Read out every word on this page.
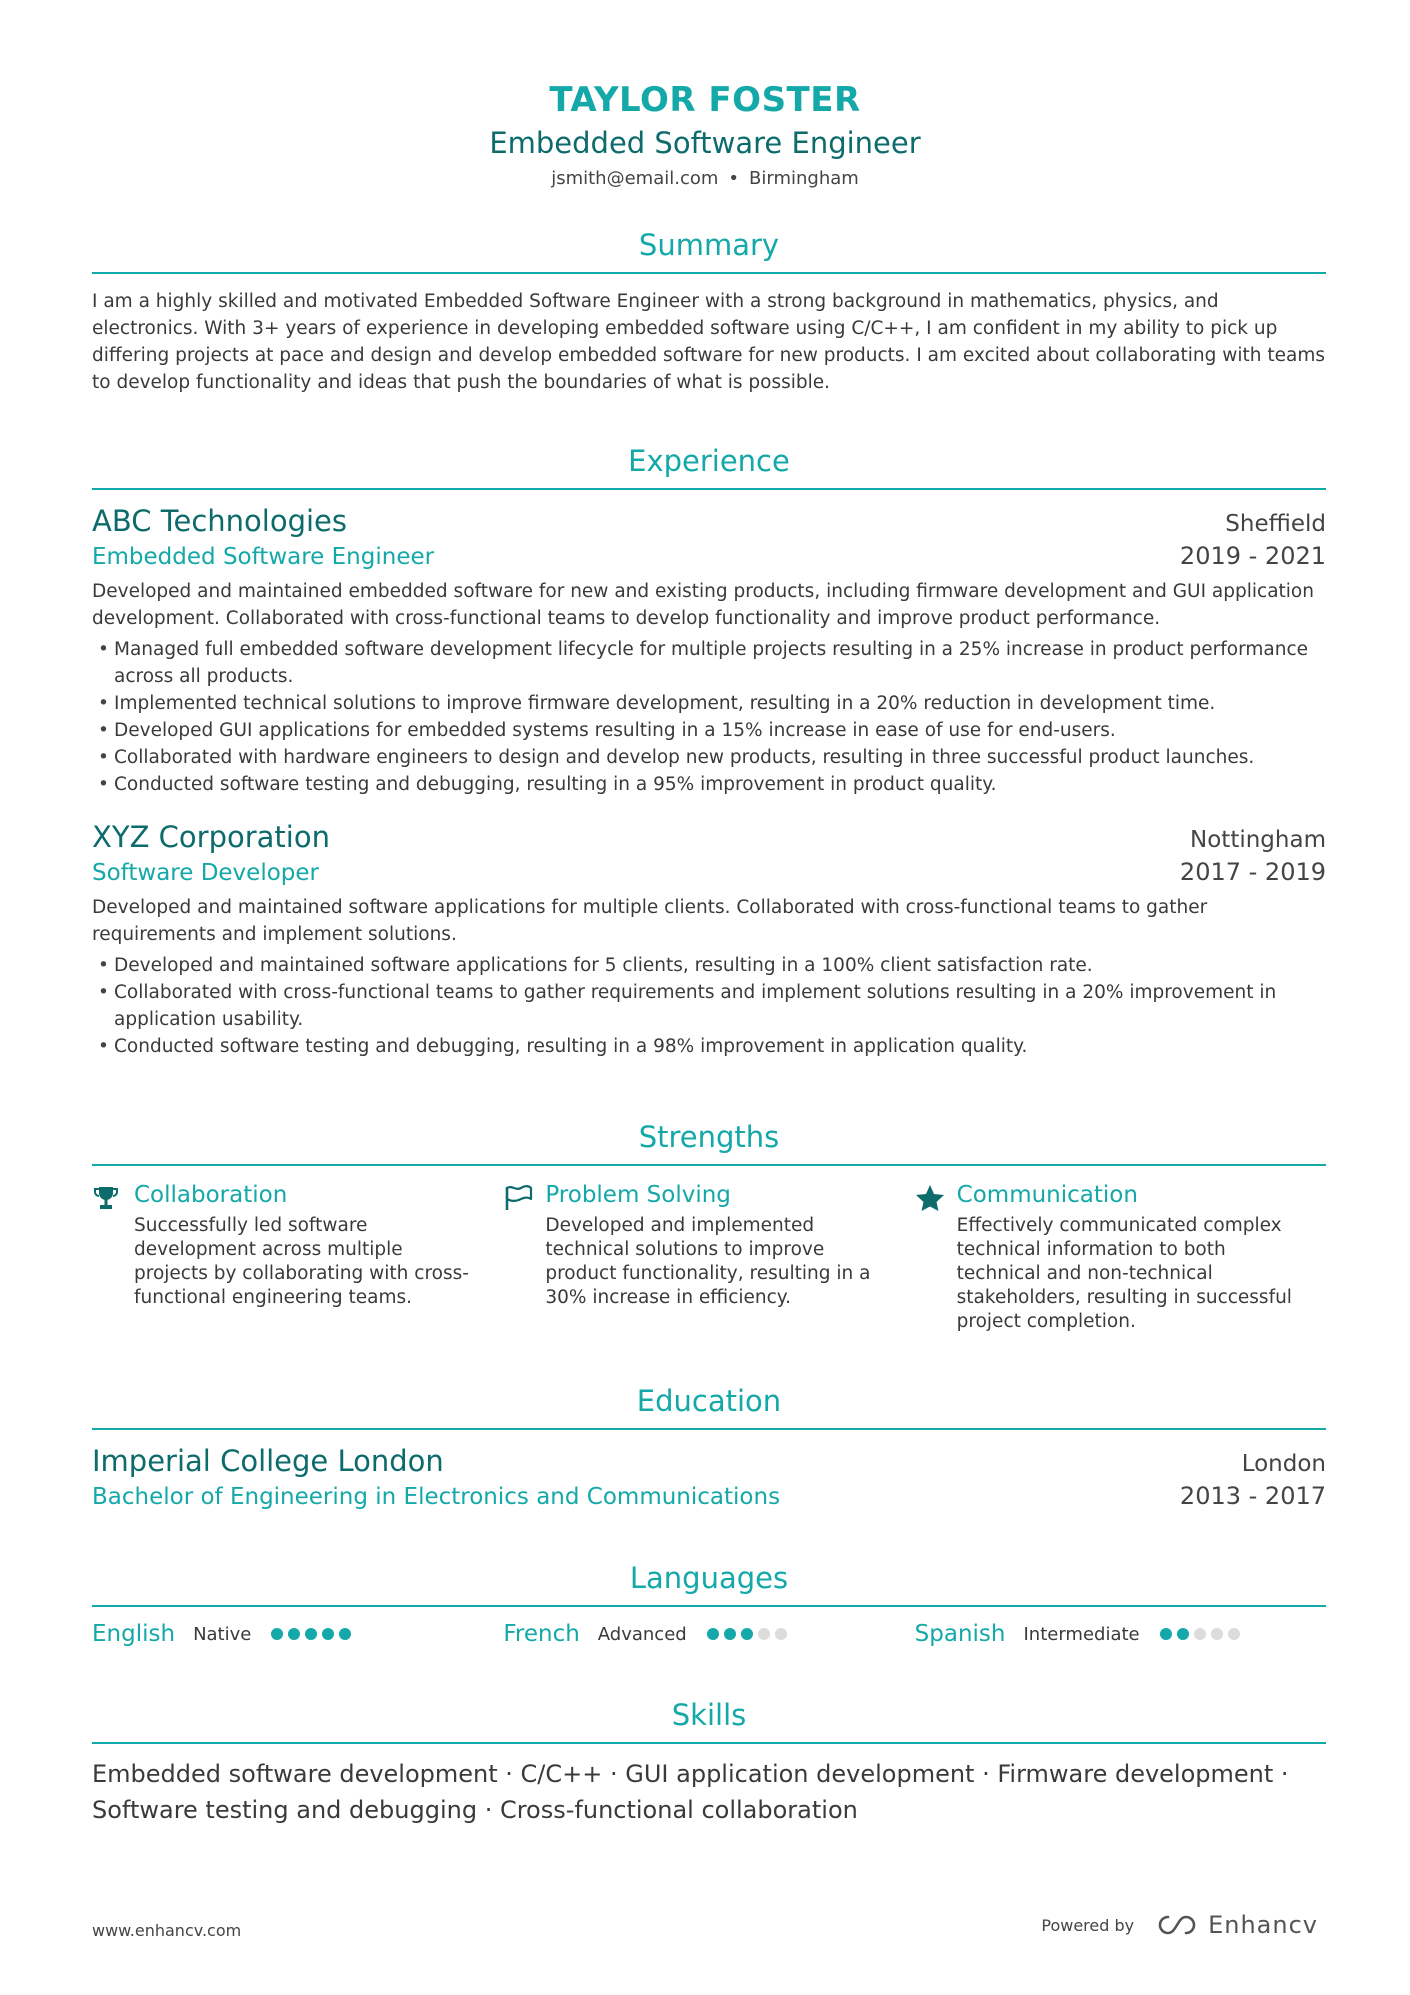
TAYLOR FOSTER
Embedded Software Engineer
jsmith@email.com • Birmingham
Summary
I am a highly skilled and motivated Embedded Software Engineer with a strong background in mathematics, physics, and electronics. With 3+ years of experience in developing embedded software using C/C++, I am confident in my ability to pick up differing projects at pace and design and develop embedded software for new products. I am excited about collaborating with teams to develop functionality and ideas that push the boundaries of what is possible.
Experience
ABC Technologies	Sheffield
Embedded Software Engineer	2019 - 2021
Developed and maintained embedded software for new and existing products, including firmware development and GUI application development. Collaborated with cross-functional teams to develop functionality and improve product performance.
• Managed full embedded software development lifecycle for multiple projects resulting in a 25% increase in product performance across all products.
• Implemented technical solutions to improve firmware development, resulting in a 20% reduction in development time.
• Developed GUI applications for embedded systems resulting in a 15% increase in ease of use for end-users.
• Collaborated with hardware engineers to design and develop new products, resulting in three successful product launches.
• Conducted software testing and debugging, resulting in a 95% improvement in product quality.
XYZ Corporation	Nottingham
Software Developer	2017 - 2019
Developed and maintained software applications for multiple clients. Collaborated with cross-functional teams to gather requirements and implement solutions.
• Developed and maintained software applications for 5 clients, resulting in a 100% client satisfaction rate.
• Collaborated with cross-functional teams to gather requirements and implement solutions resulting in a 20% improvement in application usability.
• Conducted software testing and debugging, resulting in a 98% improvement in application quality.
Strengths
Collaboration
Successfully led software development across multiple projects by collaborating with cross-functional engineering teams.
Problem Solving
Developed and implemented technical solutions to improve product functionality, resulting in a 30% increase in efficiency.
Communication
Effectively communicated complex technical information to both technical and non-technical stakeholders, resulting in successful project completion.
Education
Imperial College London	London
Bachelor of Engineering in Electronics and Communications	2013 - 2017
Languages
English Native	French Advanced	Spanish Intermediate
Skills
Embedded software development · C/C++ · GUI application development · Firmware development ·
Software testing and debugging · Cross-functional collaboration
www.enhancv.com	Powered by	Enhancv
